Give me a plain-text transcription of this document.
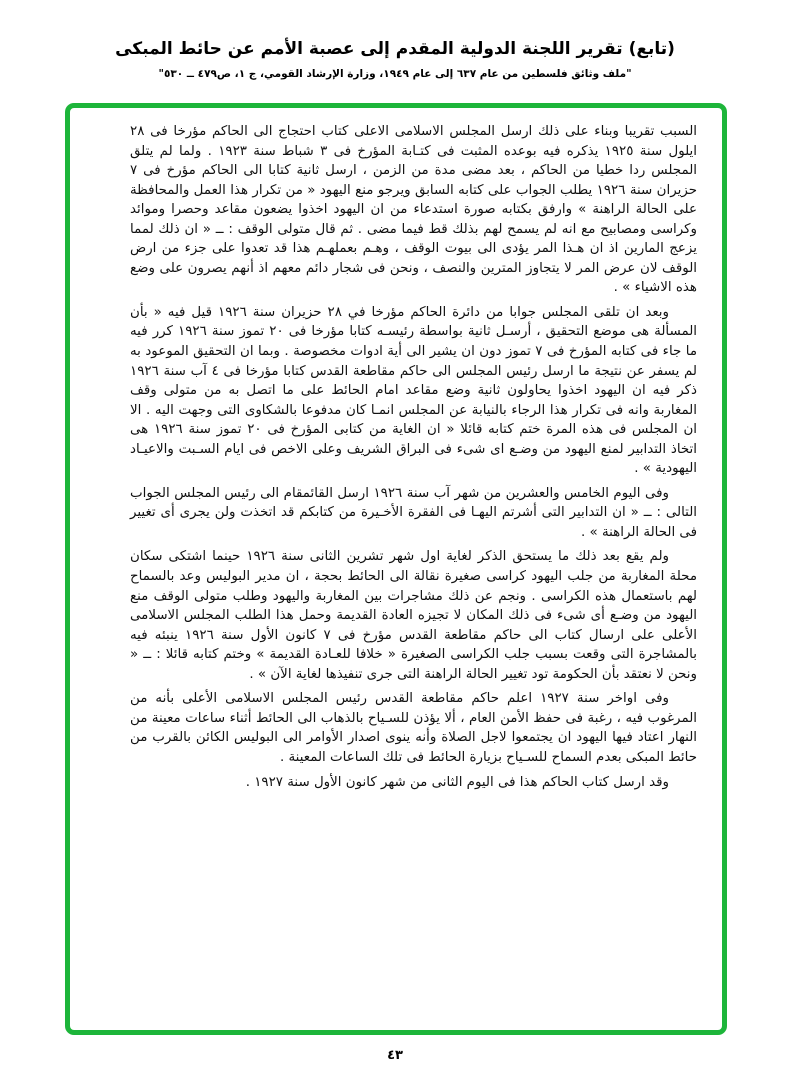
(تابع) تقرير اللجنة الدولية المقدم إلى عصبة الأمم عن حائط المبكى
"ملف وثائق فلسطين من عام ٦٣٧ إلى عام ١٩٤٩، وزارة الإرشاد القومي، ج ١، ص٤٧٩ ــ ٥٣٠"

السبب تقريبا وبناء على ذلك ارسل المجلس الاسلامى الاعلى كتاب احتجاج الى الحاكم مؤرخا فى ٢٨ ايلول سنة ١٩٢٥ يذكره فيه بوعده المثبت فى كتـابة المؤرخ فى ٣ شباط سنة ١٩٢٣ . ولما لم يتلق المجلس ردا خطيا من الحاكم ، بعد مضى مدة من الزمن ، ارسل ثانية كتابا الى الحاكم مؤرخ فى ٧ حزيران سنة ١٩٢٦ يطلب الجواب على كتابه السابق ويرجو منع اليهود « من تكرار هذا العمل والمحافظة على الحالة الراهنة » وارفق بكتابه صورة استدعاء من ان اليهود اخذوا يضعون مقاعد وحصرا وموائد وكراسى ومصابيح مع انه لم يسمح لهم بذلك قط فيما مضى . ثم قال متولى الوقف : ــ « ان ذلك لمما يزعج المارين اذ ان هـذا المر يؤدى الى بيوت الوقف ، وهـم بعملهـم هذا قد تعدوا على جزء من ارض الوقف لان عرض المر لا يتجاوز المترين والنصف ، ونحن فى شجار دائم معهم اذ أنهم يصرون على وضع هذه الاشياء » .

وبعد ان تلقى المجلس جوابا من دائرة الحاكم مؤرخا في ٢٨ حزيران سنة ١٩٢٦ قيل فيه « بأن المسألة هى موضع التحقيق ، أرسـل ثانية بواسطة رئيسـه كتابا مؤرخا فى ٢٠ تموز سنة ١٩٢٦ كرر فيه ما جاء فى كتابه المؤرخ فى ٧ تموز دون ان يشير الى أية ادوات مخصوصة . وبما ان التحقيق الموعود به لم يسفر عن نتيجة ما ارسل رئيس المجلس الى حاكم مقاطعة القدس كتابا مؤرخا فى ٤ آب سنة ١٩٢٦ ذكر فيه ان اليهود اخذوا يحاولون ثانية وضع مقاعد امام الحائط على ما اتصل به من متولى وقف المغاربة وانه فى تكرار هذا الرجاء بالنيابة عن المجلس انمـا كان مدفوعا بالشكاوى التى وجهت اليه . الا ان المجلس فى هذه المرة ختم كتابه قائلا « ان الغاية من كتابى المؤرخ فى ٢٠ تموز سنة ١٩٢٦ هى اتخاذ التدابير لمنع اليهود من وضـع اى شىء فى البراق الشريف وعلى الاخص فى ايام السـبت والاعيـاد اليهودية » .

وفى اليوم الخامس والعشرين من شهر آب سنة ١٩٢٦ ارسل القائمقام الى رئيس المجلس الجواب التالى : ــ « ان التدابير التى أشرتم اليهـا فى الفقرة الأخـيرة من كتابكم قد اتخذت ولن يجرى أى تغيير فى الحالة الراهنة » .

ولم يقع بعد ذلك ما يستحق الذكر لغاية اول شهر تشرين الثانى سنة ١٩٢٦ حينما اشتكى سكان محلة المغاربة من جلب اليهود كراسى صغيرة نقالة الى الحائط بحجة ، ان مدير البوليس وعد بالسماح لهم باستعمال هذه الكراسى . ونجم عن ذلك مشاجرات بين المغاربة واليهود وطلب متولى الوقف منع اليهود من وضـع أى شىء فى ذلك المكان لا تجيزه العادة القديمة وحمل هذا الطلب المجلس الاسلامى الأعلى على ارسال كتاب الى حاكم مقاطعة القدس مؤرخ فى ٧ كانون الأول سنة ١٩٢٦ ينبئه فيه بالمشاجرة التى وقعت بسبب جلب الكراسى الصغيرة « خلافا للعـادة القديمة » وختم كتابه قائلا : ــ « ونحن لا نعتقد بأن الحكومة تود تغيير الحالة الراهنة التى جرى تنفيذها لغاية الآن » .

وفى اواخر سنة ١٩٢٧ اعلم حاكم مقاطعة القدس رئيس المجلس الاسلامى الأعلى بأنه من المرغوب فيه ، رغبة فى حفظ الأمن العام ، ألا يؤذن للسـياح بالذهاب الى الحائط أثناء ساعات معينة من النهار اعتاد فيها اليهود ان يجتمعوا لاجل الصلاة وأنه ينوى اصدار الأوامر الى البوليس الكائن بالقرب من حائط المبكى بعدم السماح للسـياح بزيارة الحائط فى تلك الساعات المعينة .

وقد ارسل كتاب الحاكم هذا فى اليوم الثانى من شهر كانون الأول سنة ١٩٢٧ .

٤٣
